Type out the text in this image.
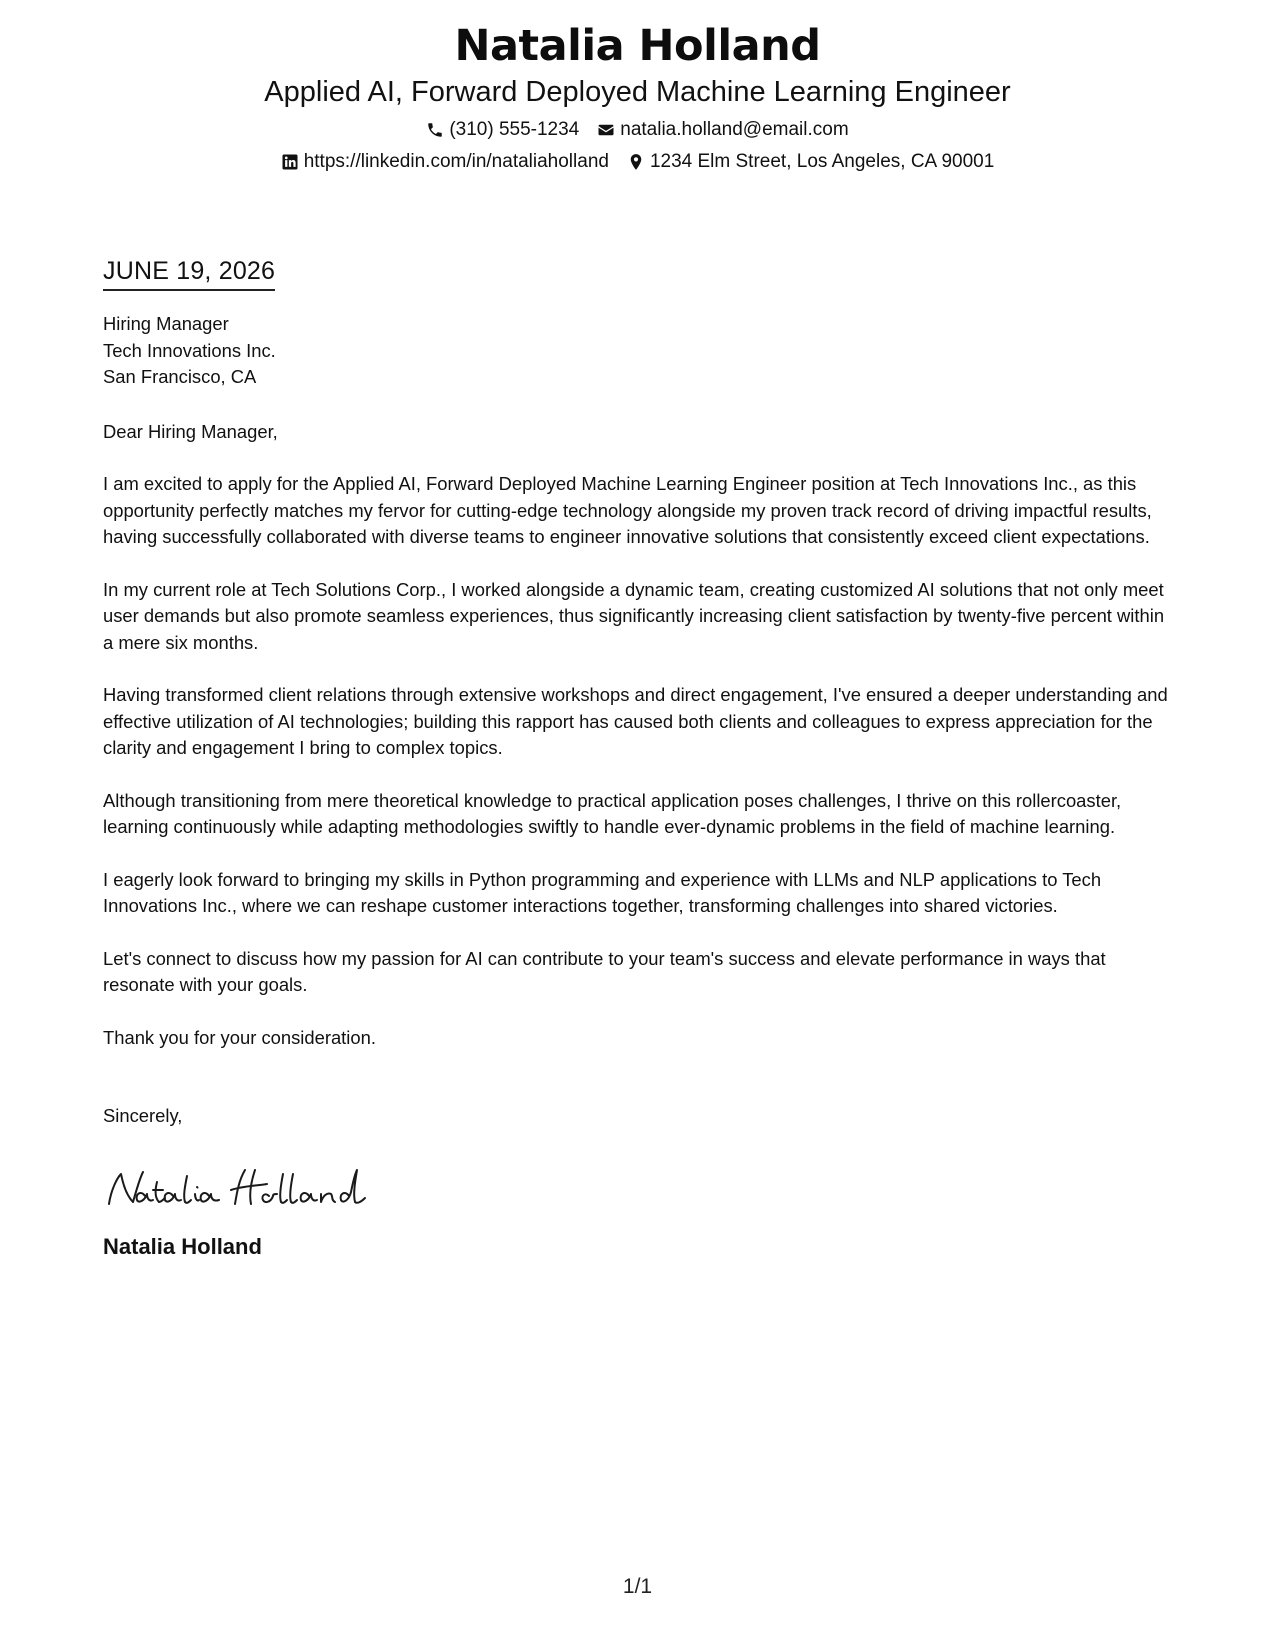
Natalia Holland
Applied AI, Forward Deployed Machine Learning Engineer
(310) 555-1234 natalia.holland@email.com
https://linkedin.com/in/nataliaholland 1234 Elm Street, Los Angeles, CA 90001
JUNE 19, 2026
Hiring Manager
Tech Innovations Inc.
San Francisco, CA
Dear Hiring Manager,
I am excited to apply for the Applied AI, Forward Deployed Machine Learning Engineer position at Tech Innovations Inc., as this opportunity perfectly matches my fervor for cutting-edge technology alongside my proven track record of driving impactful results, having successfully collaborated with diverse teams to engineer innovative solutions that consistently exceed client expectations.
In my current role at Tech Solutions Corp., I worked alongside a dynamic team, creating customized AI solutions that not only meet user demands but also promote seamless experiences, thus significantly increasing client satisfaction by twenty-five percent within a mere six months.
Having transformed client relations through extensive workshops and direct engagement, I've ensured a deeper understanding and effective utilization of AI technologies; building this rapport has caused both clients and colleagues to express appreciation for the clarity and engagement I bring to complex topics.
Although transitioning from mere theoretical knowledge to practical application poses challenges, I thrive on this rollercoaster, learning continuously while adapting methodologies swiftly to handle ever-dynamic problems in the field of machine learning.
I eagerly look forward to bringing my skills in Python programming and experience with LLMs and NLP applications to Tech Innovations Inc., where we can reshape customer interactions together, transforming challenges into shared victories.
Let's connect to discuss how my passion for AI can contribute to your team's success and elevate performance in ways that resonate with your goals.
Thank you for your consideration.
Sincerely,
Natalia Holland
1/1
